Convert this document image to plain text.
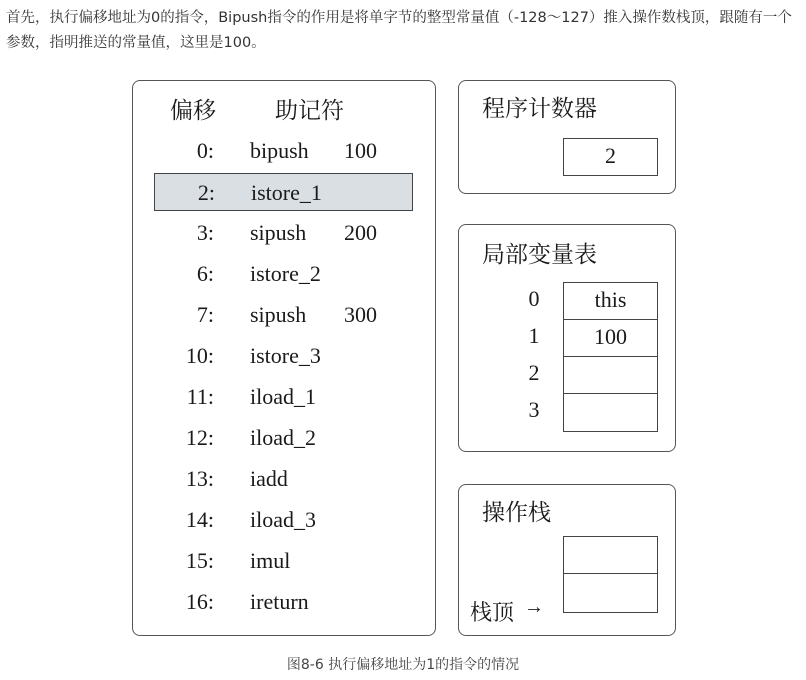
首先，执行偏移地址为0的指令，Bipush指令的作用是将单字节的整型常量值（-128～127）推入操作数栈顶，跟随有一个参数，指明推送的常量值，这里是100。
偏移	助记符
0: bipush 100
2: istore_1
3: sipush 200
6: istore_2
7: sipush 300
10: istore_3
11: iload_1
12: iload_2
13: iadd
14: iload_3
15: imul
16: ireturn
程序计数器
2
局部变量表
0	this
1	100
2
3
操作栈
栈顶 →
图8-6 执行偏移地址为1的指令的情况
